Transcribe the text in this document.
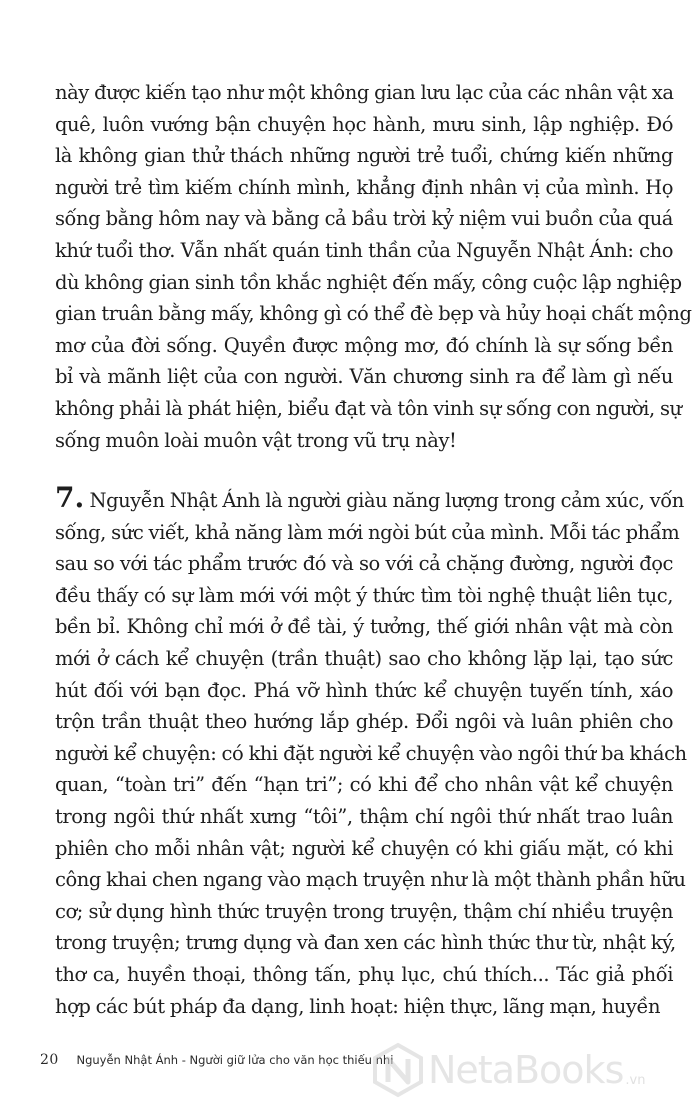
này được kiến tạo như một không gian lưu lạc của các nhân vật xa
quê, luôn vướng bận chuyện học hành, mưu sinh, lập nghiệp. Đó
là không gian thử thách những người trẻ tuổi, chứng kiến những
người trẻ tìm kiếm chính mình, khẳng định nhân vị của mình. Họ
sống bằng hôm nay và bằng cả bầu trời kỷ niệm vui buồn của quá
khứ tuổi thơ. Vẫn nhất quán tinh thần của Nguyễn Nhật Ánh: cho
dù không gian sinh tồn khắc nghiệt đến mấy, công cuộc lập nghiệp
gian truân bằng mấy, không gì có thể đè bẹp và hủy hoại chất mộng
mơ của đời sống. Quyền được mộng mơ, đó chính là sự sống bền
bỉ và mãnh liệt của con người. Văn chương sinh ra để làm gì nếu
không phải là phát hiện, biểu đạt và tôn vinh sự sống con người, sự
sống muôn loài muôn vật trong vũ trụ này!
7. Nguyễn Nhật Ánh là người giàu năng lượng trong cảm xúc, vốn
sống, sức viết, khả năng làm mới ngòi bút của mình. Mỗi tác phẩm
sau so với tác phẩm trước đó và so với cả chặng đường, người đọc
đều thấy có sự làm mới với một ý thức tìm tòi nghệ thuật liên tục,
bền bỉ. Không chỉ mới ở đề tài, ý tưởng, thế giới nhân vật mà còn
mới ở cách kể chuyện (trần thuật) sao cho không lặp lại, tạo sức
hút đối với bạn đọc. Phá vỡ hình thức kể chuyện tuyến tính, xáo
trộn trần thuật theo hướng lắp ghép. Đổi ngôi và luân phiên cho
người kể chuyện: có khi đặt người kể chuyện vào ngôi thứ ba khách
quan, “toàn tri” đến “hạn tri”; có khi để cho nhân vật kể chuyện
trong ngôi thứ nhất xưng “tôi”, thậm chí ngôi thứ nhất trao luân
phiên cho mỗi nhân vật; người kể chuyện có khi giấu mặt, có khi
công khai chen ngang vào mạch truyện như là một thành phần hữu
cơ; sử dụng hình thức truyện trong truyện, thậm chí nhiều truyện
trong truyện; trưng dụng và đan xen các hình thức thư từ, nhật ký,
thơ ca, huyền thoại, thông tấn, phụ lục, chú thích... Tác giả phối
hợp các bút pháp đa dạng, linh hoạt: hiện thực, lãng mạn, huyền
20 Nguyễn Nhật Ánh - Người giữ lửa cho văn học thiếu nhi NetaBooks .vn
